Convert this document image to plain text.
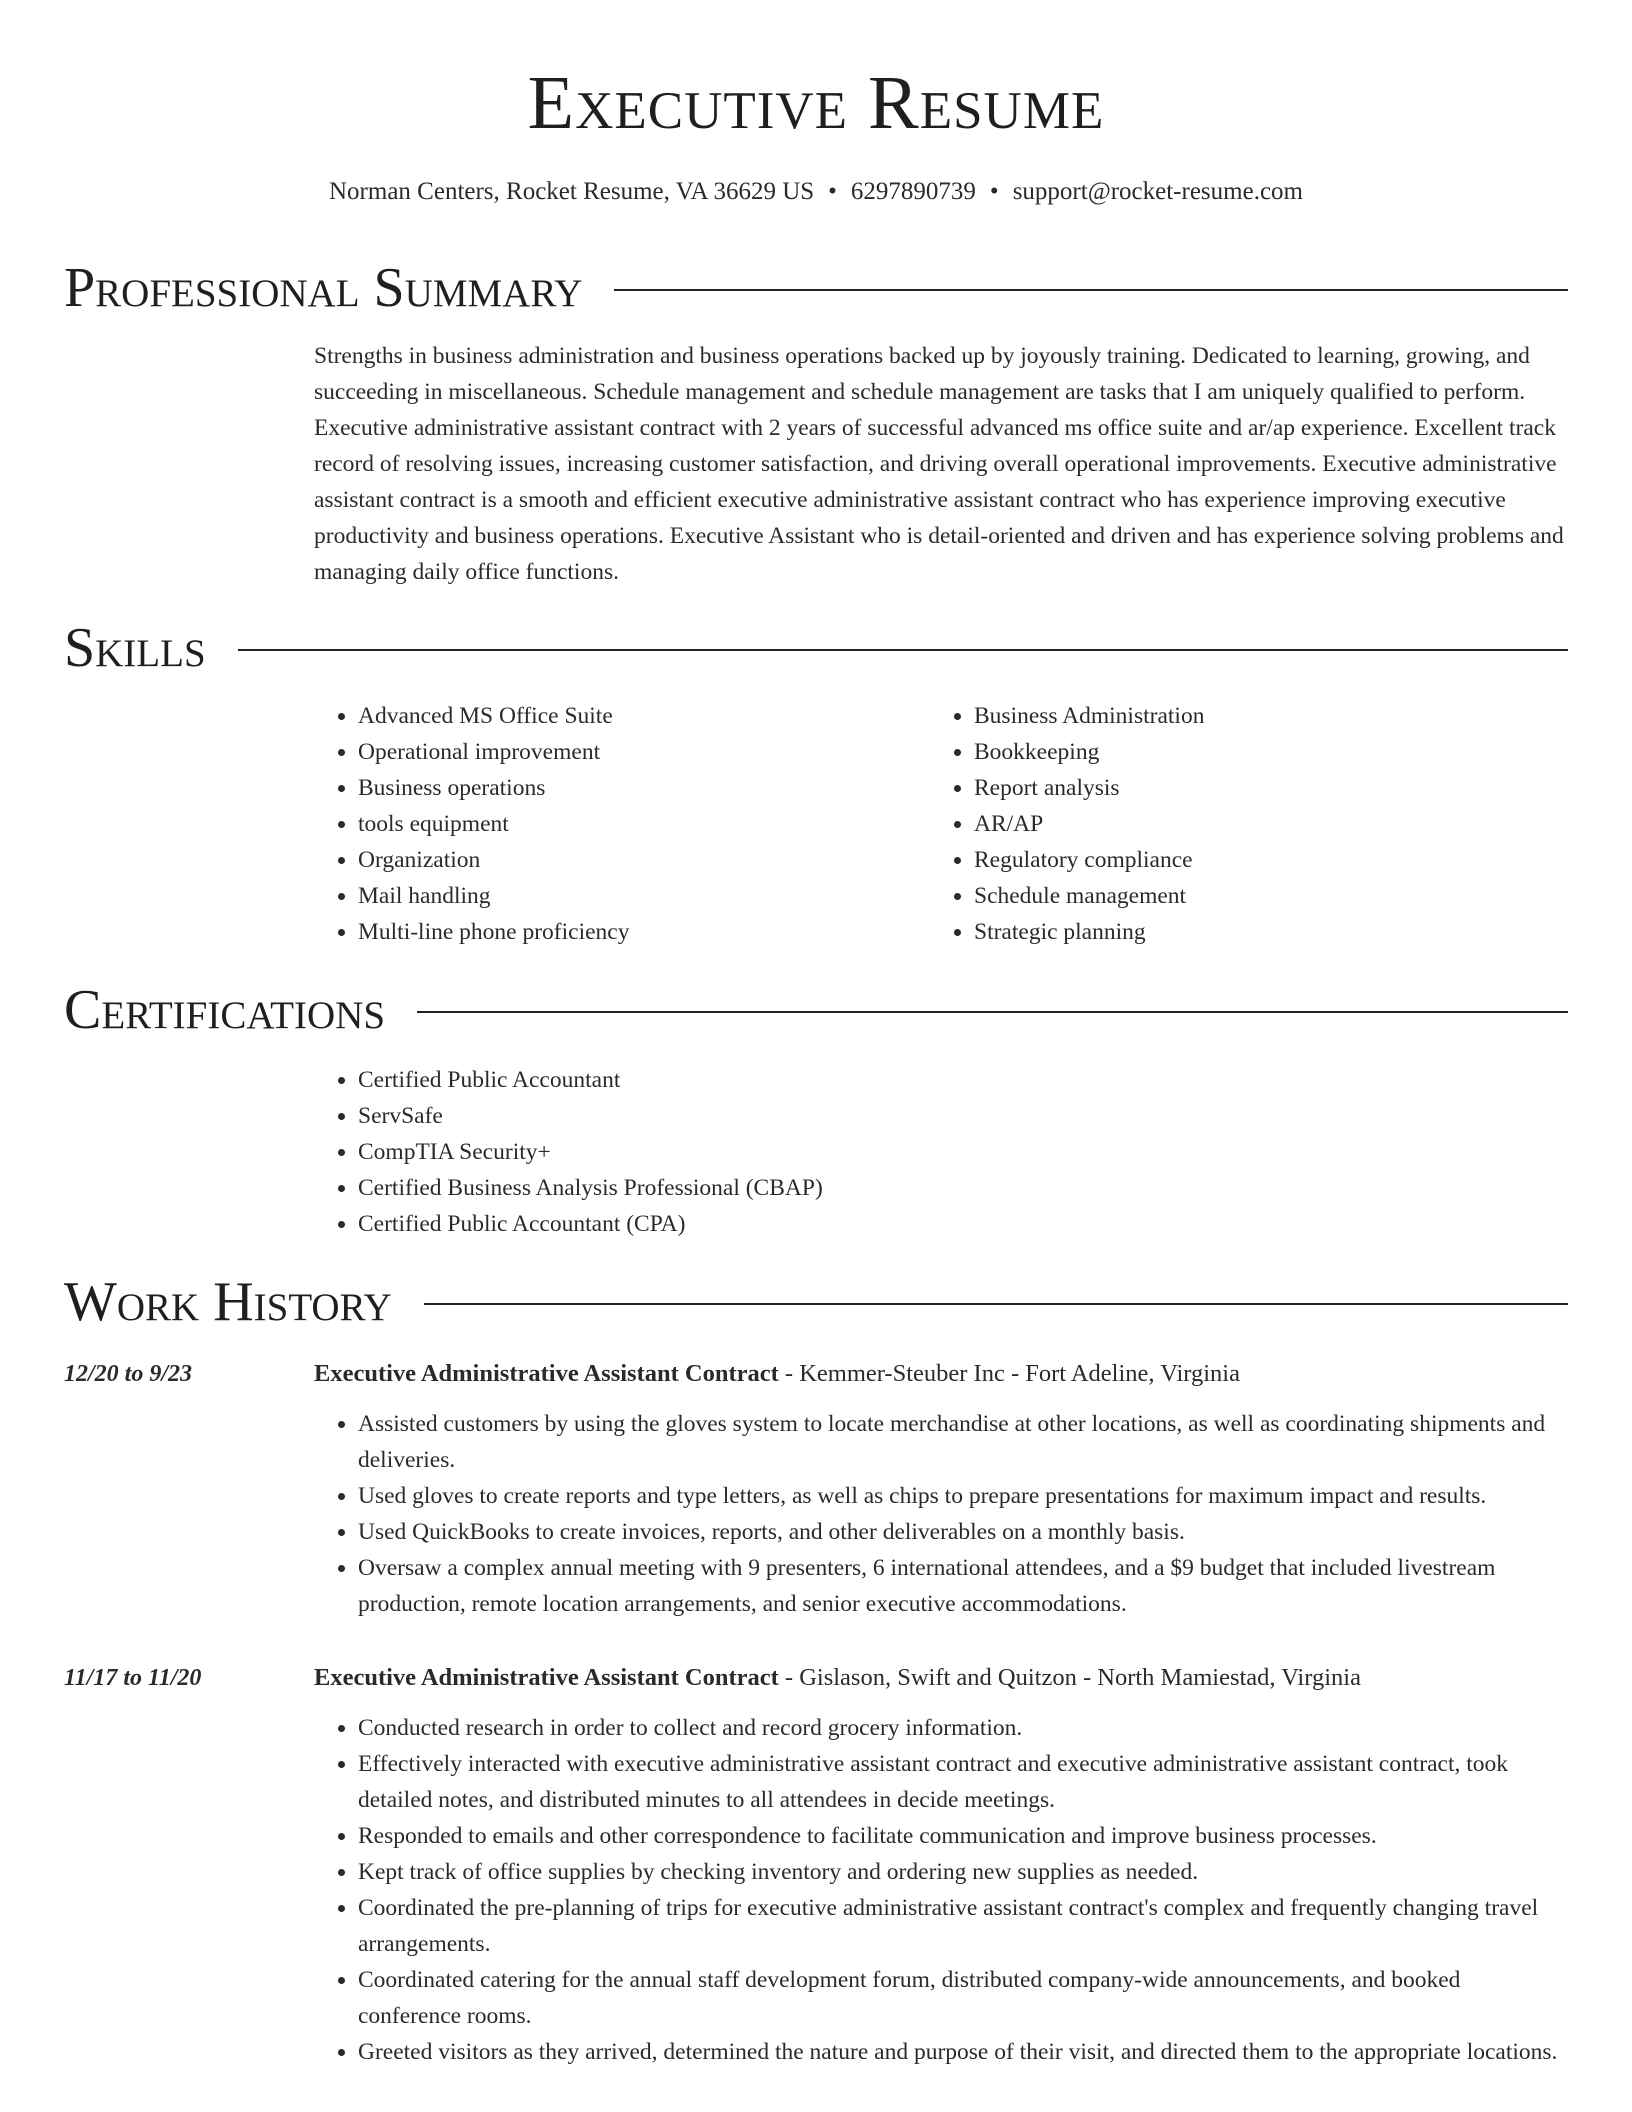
Executive Resume
Norman Centers, Rocket Resume, VA 36629 US • 6297890739 • support@rocket-resume.com
Professional Summary

Strengths in business administration and business operations backed up by joyously training. Dedicated to learning, growing, and succeeding in miscellaneous. Schedule management and schedule management are tasks that I am uniquely qualified to perform. Executive administrative assistant contract with 2 years of successful advanced ms office suite and ar/ap experience. Excellent track record of resolving issues, increasing customer satisfaction, and driving overall operational improvements. Executive administrative assistant contract is a smooth and efficient executive administrative assistant contract who has experience improving executive productivity and business operations. Executive Assistant who is detail-oriented and driven and has experience solving problems and managing daily office functions.

Skills
• Advanced MS Office Suite
• Operational improvement
• Business operations
• tools equipment
• Organization
• Mail handling
• Multi-line phone proficiency
• Business Administration
• Bookkeeping
• Report analysis
• AR/AP
• Regulatory compliance
• Schedule management
• Strategic planning
Certifications
• Certified Public Accountant
• ServSafe
• CompTIA Security+
• Certified Business Analysis Professional (CBAP)
• Certified Public Accountant (CPA)
Work History
12/20 to 9/23	Executive Administrative Assistant Contract - Kemmer-Steuber Inc - Fort Adeline, Virginia
• Assisted customers by using the gloves system to locate merchandise at other locations, as well as coordinating shipments and deliveries.
• Used gloves to create reports and type letters, as well as chips to prepare presentations for maximum impact and results.
• Used QuickBooks to create invoices, reports, and other deliverables on a monthly basis.
• Oversaw a complex annual meeting with 9 presenters, 6 international attendees, and a $9 budget that included livestream production, remote location arrangements, and senior executive accommodations.
11/17 to 11/20	Executive Administrative Assistant Contract - Gislason, Swift and Quitzon - North Mamiestad, Virginia
• Conducted research in order to collect and record grocery information.
• Effectively interacted with executive administrative assistant contract and executive administrative assistant contract, took detailed notes, and distributed minutes to all attendees in decide meetings.
• Responded to emails and other correspondence to facilitate communication and improve business processes.
• Kept track of office supplies by checking inventory and ordering new supplies as needed.
• Coordinated the pre-planning of trips for executive administrative assistant contract's complex and frequently changing travel arrangements.
• Coordinated catering for the annual staff development forum, distributed company-wide announcements, and booked conference rooms.
• Greeted visitors as they arrived, determined the nature and purpose of their visit, and directed them to the appropriate locations.
